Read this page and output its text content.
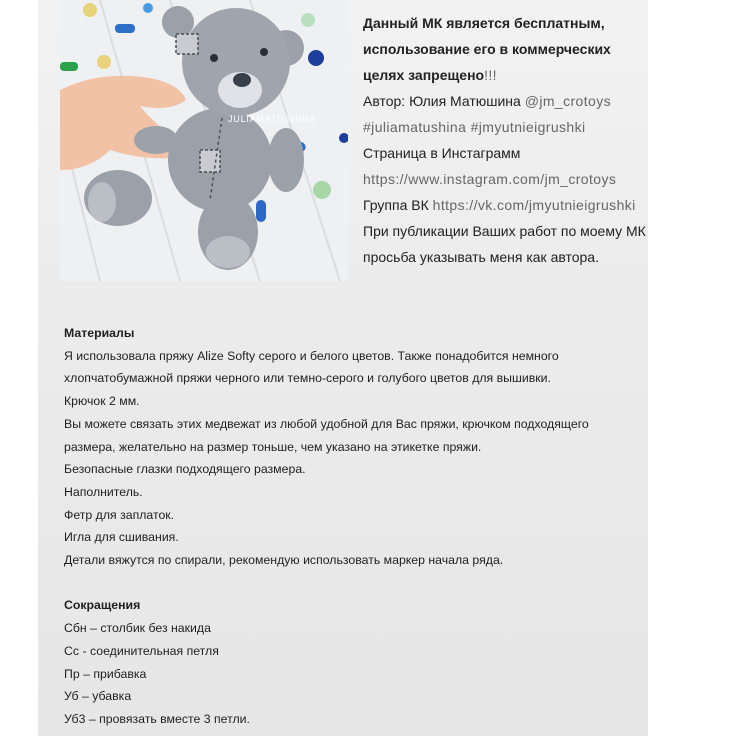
JULIAMATUSHINA
Данный МК является бесплатным,
использование его в коммерческих
целях запрещено!!!
Автор: Юлия Матюшина @jm_crotoys
#juliamatushina #jmyutnieigrushki
Страница в Инстаграмм
https://www.instagram.com/jm_crotoys
Группа ВК https://vk.com/jmyutnieigrushki
При публикации Ваших работ по моему МК
просьба указывать меня как автора.
Материалы
Я использовала пряжу Alize Softy серого и белого цветов. Также понадобится немного
хлопчатобумажной пряжи черного или темно-серого и голубого цветов для вышивки.
Крючок 2 мм.
Вы можете связать этих медвежат из любой удобной для Вас пряжи, крючком подходящего
размера, желательно на размер тоньше, чем указано на этикетке пряжи.
Безопасные глазки подходящего размера.
Наполнитель.
Фетр для заплаток.
Игла для сшивания.
Детали вяжутся по спирали, рекомендую использовать маркер начала ряда.
Сокращения
Сбн – столбик без накида
Сс - соединительная петля
Пр – прибавка
Уб – убавка
Уб3 – провязать вместе 3 петли.
